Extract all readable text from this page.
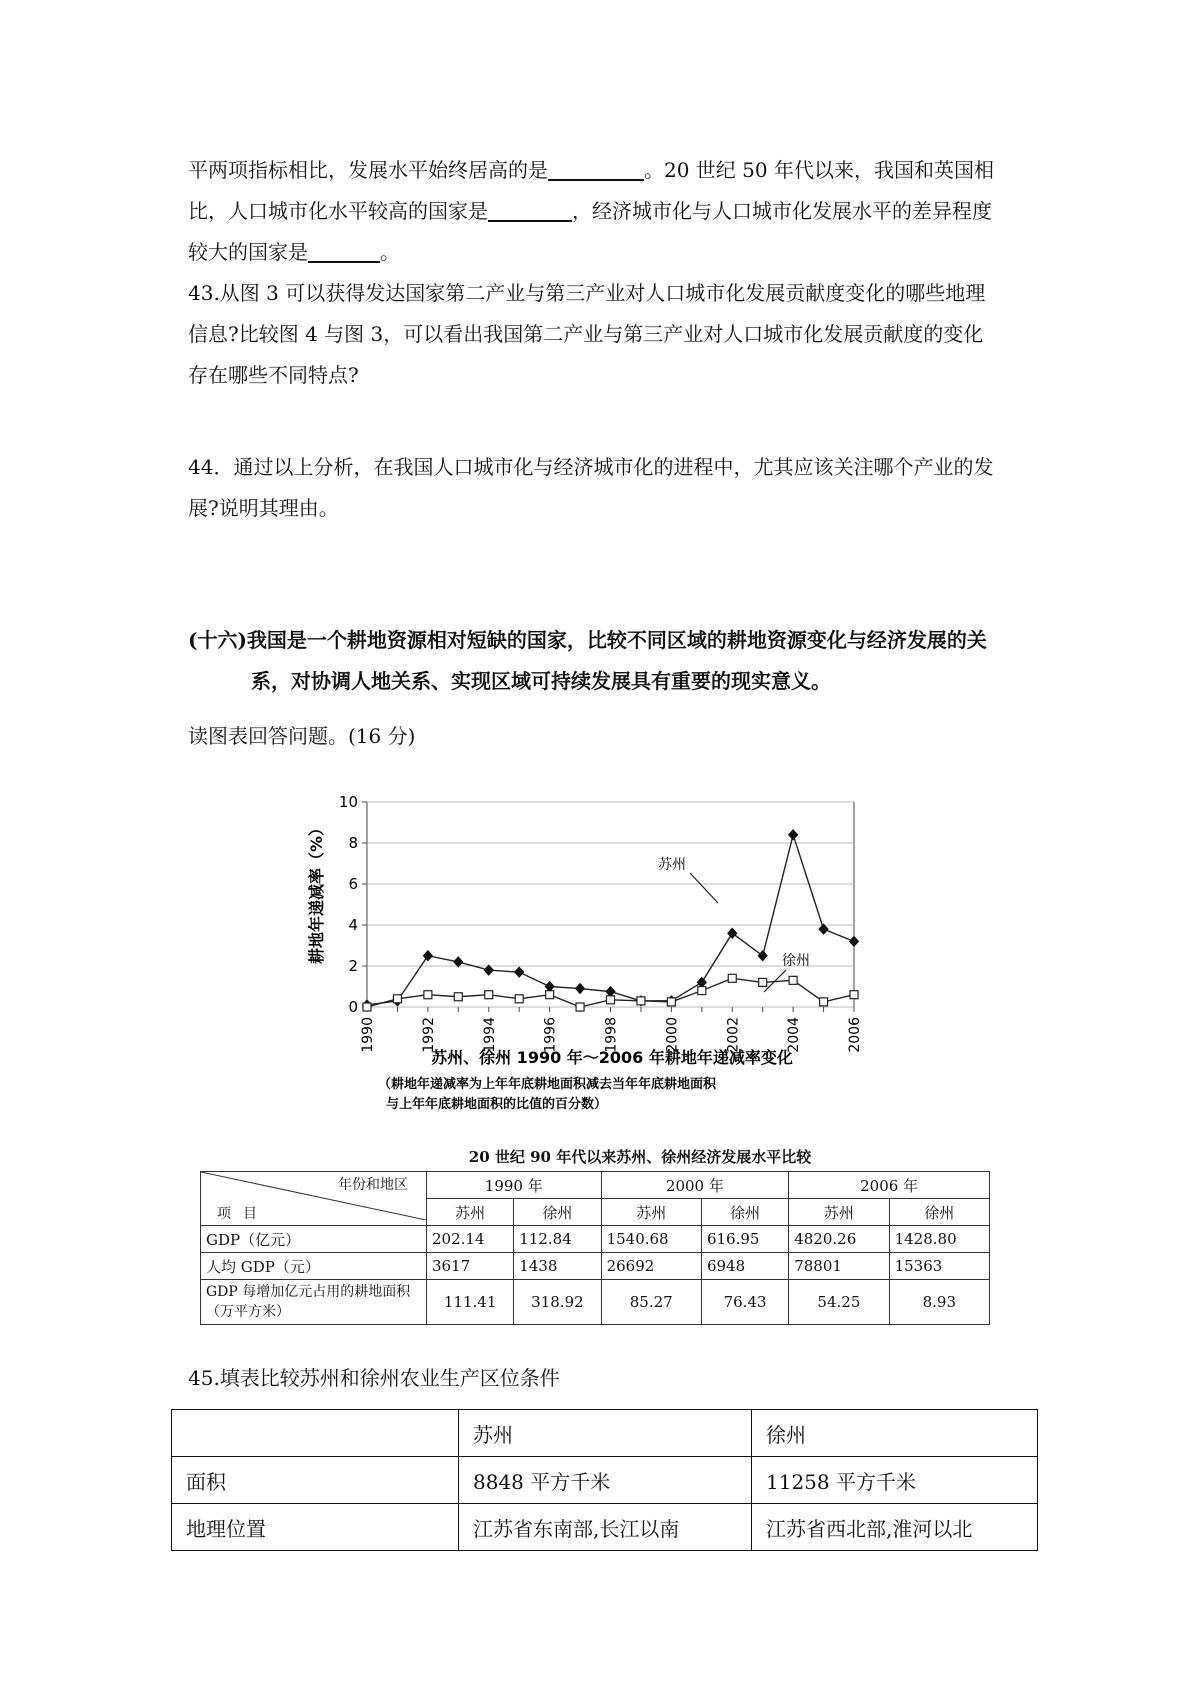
平两项指标相比，发展水平始终居高的是	。20 世纪 50 年代以来，我国和英国相
比，人口城市化水平较高的国家是	，经济城市化与人口城市化发展水平的差异程度
较大的国家是	。
43.从图 3 可以获得发达国家第二产业与第三产业对人口城市化发展贡献度变化的哪些地理
信息?比较图 4 与图 3，可以看出我国第二产业与第三产业对人口城市化发展贡献度的变化
存在哪些不同特点?
44．通过以上分析，在我国人口城市化与经济城市化的进程中，尤其应该关注哪个产业的发
展?说明其理由。
(十六)我国是一个耕地资源相对短缺的国家，比较不同区域的耕地资源变化与经济发展的关
系，对协调人地关系、实现区域可持续发展具有重要的现实意义。
读图表回答问题。(16 分)
0
2
4
6
8
10
1990	1992	1994	1996	1998	2000	2002	2004	2006
耕地年递减率（%）	苏州
徐州
苏州、徐州 1990 年～2006 年耕地年递减率变化
（耕地年递减率为上年年底耕地面积减去当年年底耕地面积
与上年年底耕地面积的比值的百分数）
20 世纪 90 年代以来苏州、徐州经济发展水平比较
年份和地区
项目	1990 年		2000 年		2006 年	
	苏州	徐州	苏州	徐州	苏州	徐州
GDP（亿元）	202.14	112.84	1540.68	616.95	4820.26	1428.80
人均 GDP（元）	3617	1438	26692	6948	78801	15363
GDP 每增加亿元占用的耕地面积（万平方米）	111.41	318.92	85.27	76.43	54.25	8.93
45.填表比较苏州和徐州农业生产区位条件
	苏州	徐州
面积	8848 平方千米	11258 平方千米
地理位置	江苏省东南部,长江以南	江苏省西北部,淮河以北
